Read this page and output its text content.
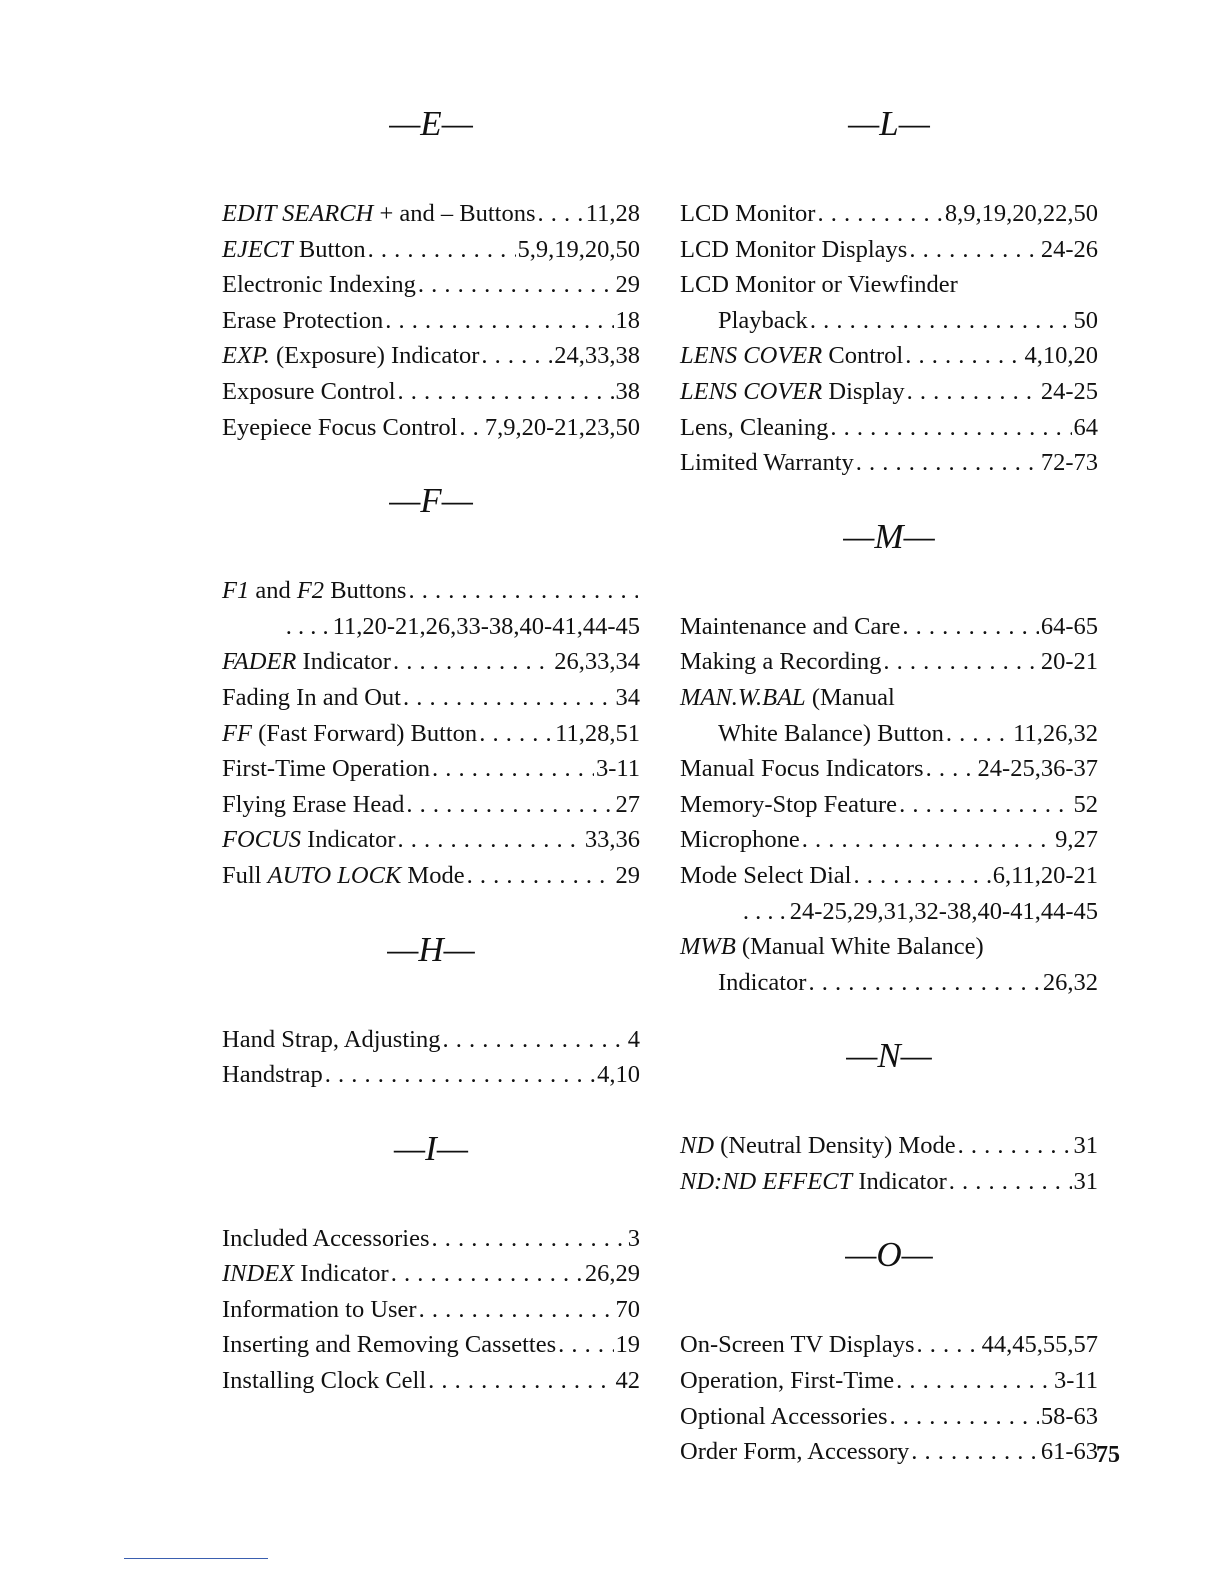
—E—
EDIT SEARCH + and – Buttons . . . 11,28
EJECT Button . . .	5,9,19,20,50
Electronic Indexing . . .	29
Erase Protection . . .	18
EXP. (Exposure) Indicator . . .	24,33,38
Exposure Control . . .	38
Eyepiece Focus Control . . . 7,9,20-21,23,50
—F—
F1 and F2 Buttons
. . .
. . . . 11,20-21,26,33-38,40-41,44-45
FADER Indicator . . .	26,33,34
Fading In and Out . . .	34
FF (Fast Forward) Button . . .	11,28,51
First-Time Operation . . .	3-11
Flying Erase Head . . .	27
FOCUS Indicator . . .	33,36
Full AUTO LOCK Mode . . .	29
—H—
Hand Strap, Adjusting . . .	4
Handstrap . . .	4,10
—I—
Included Accessories . . .	3
INDEX Indicator . . .	26,29
Information to User . . .	70
Inserting and Removing Cassettes . . . 19
Installing Clock Cell . . .	42
—L—
LCD Monitor . . .	8,9,19,20,22,50
LCD Monitor Displays . . .	24-26
LCD Monitor or Viewfinder
Playback . . .	50
LENS COVER Control . . .	4,10,20
LENS COVER Display . . .	24-25
Lens, Cleaning . . .	64
Limited Warranty . . .	72-73
—M—
Maintenance and Care . . .	64-65
Making a Recording . . .	20-21
MAN.W.BAL (Manual
White Balance) Button . . .	11,26,32
Manual Focus Indicators . . . 24-25,36-37
Memory-Stop Feature . . .	52
Microphone . . .	9,27
Mode Select Dial . . .	6,11,20-21
. . . . 24-25,29,31,32-38,40-41,44-45
MWB (Manual White Balance)
Indicator . . .	26,32
—N—
ND (Neutral Density) Mode . . .	31
ND:ND EFFECT Indicator . . .	31
—O—
On-Screen TV Displays . . .	44,45,55,57
Operation, First-Time . . .	3-11
Optional Accessories . . .	58-63
Order Form, Accessory . . .	61-63
75
